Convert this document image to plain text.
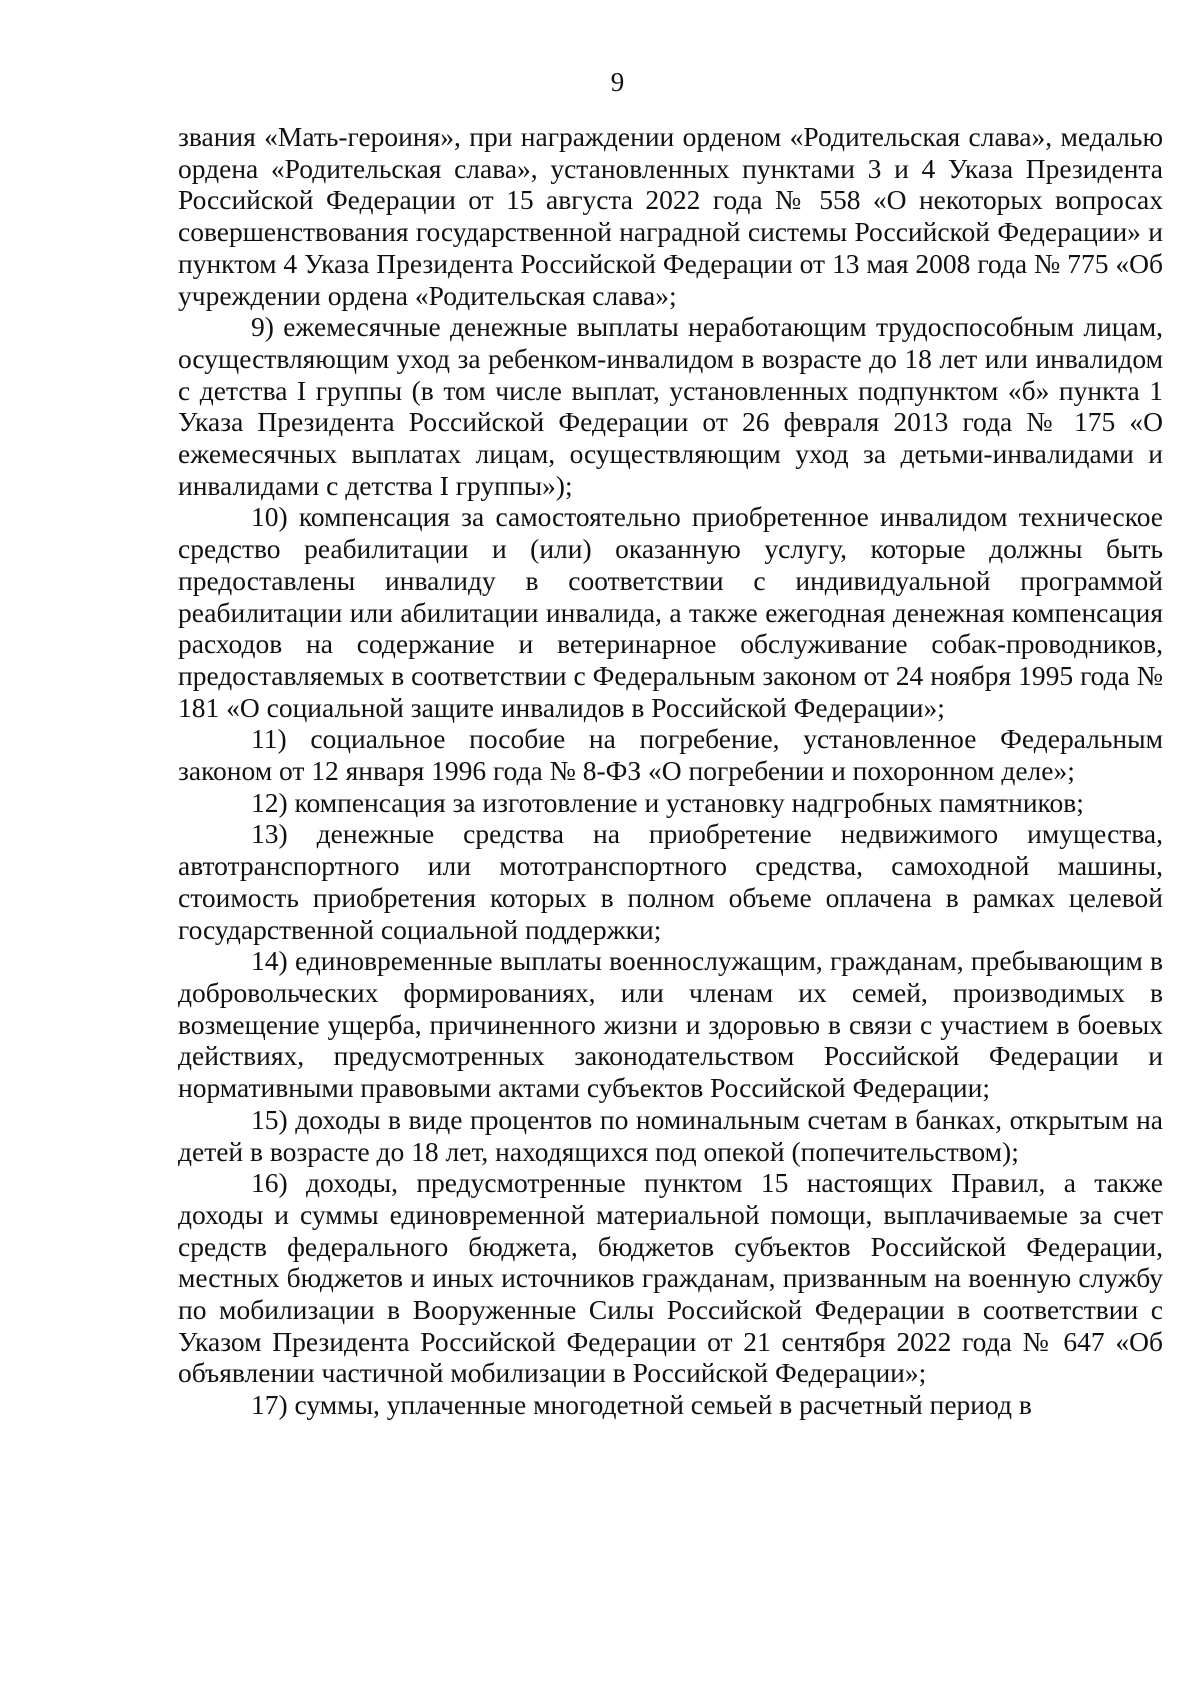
9

звания «Мать-героиня», при награждении орденом «Родительская слава», медалью ордена «Родительская слава», установленных пунктами 3 и 4 Указа Президента Российской Федерации от 15 августа 2022 года № 558 «О некоторых вопросах совершенствования государственной наградной системы Российской Федерации» и пунктом 4 Указа Президента Российской Федерации от 13 мая 2008 года № 775 «Об учреждении ордена «Родительская слава»;

9) ежемесячные денежные выплаты неработающим трудоспособным лицам, осуществляющим уход за ребенком-инвалидом в возрасте до 18 лет или инвалидом с детства I группы (в том числе выплат, установленных подпунктом «б» пункта 1 Указа Президента Российской Федерации от 26 февраля 2013 года № 175 «О ежемесячных выплатах лицам, осуществляющим уход за детьми-инвалидами и инвалидами с детства I группы»);

10) компенсация за самостоятельно приобретенное инвалидом техническое средство реабилитации и (или) оказанную услугу, которые должны быть предоставлены инвалиду в соответствии с индивидуальной программой реабилитации или абилитации инвалида, а также ежегодная денежная компенсация расходов на содержание и ветеринарное обслуживание собак-проводников, предоставляемых в соответствии с Федеральным законом от 24 ноября 1995 года № 181 «О социальной защите инвалидов в Российской Федерации»;

11) социальное пособие на погребение, установленное Федеральным законом от 12 января 1996 года № 8-ФЗ «О погребении и похоронном деле»;

12) компенсация за изготовление и установку надгробных памятников;

13) денежные средства на приобретение недвижимого имущества, автотранспортного или мототранспортного средства, самоходной машины, стоимость приобретения которых в полном объеме оплачена в рамках целевой государственной социальной поддержки;

14) единовременные выплаты военнослужащим, гражданам, пребывающим в добровольческих формированиях, или членам их семей, производимых в возмещение ущерба, причиненного жизни и здоровью в связи с участием в боевых действиях, предусмотренных законодательством Российской Федерации и нормативными правовыми актами субъектов Российской Федерации;

15) доходы в виде процентов по номинальным счетам в банках, открытым на детей в возрасте до 18 лет, находящихся под опекой (попечительством);

16) доходы, предусмотренные пунктом 15 настоящих Правил, а также доходы и суммы единовременной материальной помощи, выплачиваемые за счет средств федерального бюджета, бюджетов субъектов Российской Федерации, местных бюджетов и иных источников гражданам, призванным на военную службу по мобилизации в Вооруженные Силы Российской Федерации в соответствии с Указом Президента Российской Федерации от 21 сентября 2022 года № 647 «Об объявлении частичной мобилизации в Российской Федерации»;

17) суммы, уплаченные многодетной семьей в расчетный период в
